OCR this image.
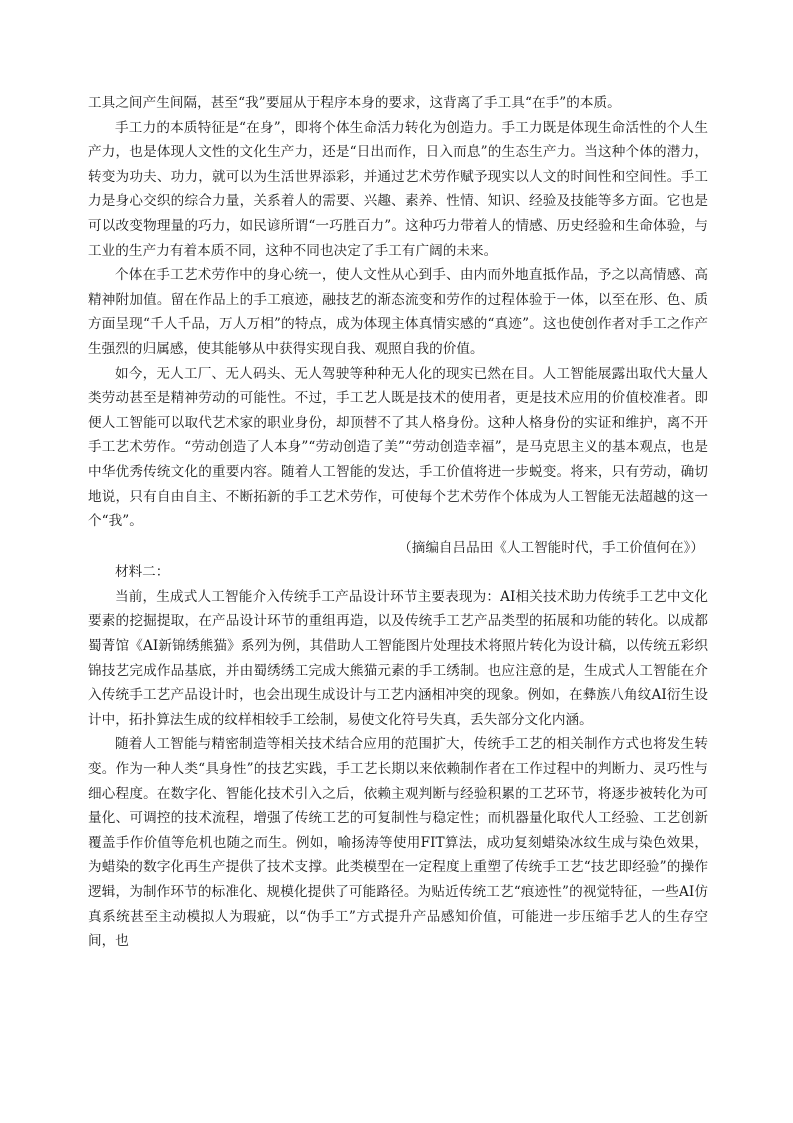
工具之间产生间隔，甚至“我”要屈从于程序本身的要求，这背离了手工具“在手”的本质。

手工力的本质特征是“在身”，即将个体生命活力转化为创造力。手工力既是体现生命活性的个人生产力，也是体现人文性的文化生产力，还是“日出而作，日入而息”的生态生产力。当这种个体的潜力，转变为功夫、功力，就可以为生活世界添彩，并通过艺术劳作赋予现实以人文的时间性和空间性。手工力是身心交织的综合力量，关系着人的需要、兴趣、素养、性情、知识、经验及技能等多方面。它也是可以改变物理量的巧力，如民谚所谓“一巧胜百力”。这种巧力带着人的情感、历史经验和生命体验，与工业的生产力有着本质不同，这种不同也决定了手工有广阔的未来。

个体在手工艺术劳作中的身心统一，使人文性从心到手、由内而外地直抵作品，予之以高情感、高精神附加值。留在作品上的手工痕迹，融技艺的渐态流变和劳作的过程体验于一体，以至在形、色、质方面呈现“千人千品，万人万相”的特点，成为体现主体真情实感的“真迹”。这也使创作者对手工之作产生强烈的归属感，使其能够从中获得实现自我、观照自我的价值。

如今，无人工厂、无人码头、无人驾驶等种种无人化的现实已然在目。人工智能展露出取代大量人类劳动甚至是精神劳动的可能性。不过，手工艺人既是技术的使用者，更是技术应用的价值校准者。即便人工智能可以取代艺术家的职业身份，却顶替不了其人格身份。这种人格身份的实证和维护，离不开手工艺术劳作。“劳动创造了人本身”“劳动创造了美”“劳动创造幸福”，是马克思主义的基本观点，也是中华优秀传统文化的重要内容。随着人工智能的发达，手工价值将进一步蜕变。将来，只有劳动，确切地说，只有自由自主、不断拓新的手工艺术劳作，可使每个艺术劳作个体成为人工智能无法超越的这一个“我”。

（摘编自吕品田《人工智能时代，手工价值何在》）

材料二：

当前，生成式人工智能介入传统手工产品设计环节主要表现为：AI相关技术助力传统手工艺中文化要素的挖掘提取，在产品设计环节的重组再造，以及传统手工艺产品类型的拓展和功能的转化。以成都蜀菁馆《AI新锦绣熊猫》系列为例，其借助人工智能图片处理技术将照片转化为设计稿，以传统五彩织锦技艺完成作品基底，并由蜀绣绣工完成大熊猫元素的手工绣制。也应注意的是，生成式人工智能在介入传统手工艺产品设计时，也会出现生成设计与工艺内涵相冲突的现象。例如，在彝族八角纹AI衍生设计中，拓扑算法生成的纹样相较手工绘制，易使文化符号失真，丢失部分文化内涵。

随着人工智能与精密制造等相关技术结合应用的范围扩大，传统手工艺的相关制作方式也将发生转变。作为一种人类“具身性”的技艺实践，手工艺长期以来依赖制作者在工作过程中的判断力、灵巧性与细心程度。在数字化、智能化技术引入之后，依赖主观判断与经验积累的工艺环节，将逐步被转化为可量化、可调控的技术流程，增强了传统工艺的可复制性与稳定性；而机器量化取代人工经验、工艺创新覆盖手作价值等危机也随之而生。例如，喻扬涛等使用FIT算法，成功复刻蜡染冰纹生成与染色效果，为蜡染的数字化再生产提供了技术支撑。此类模型在一定程度上重塑了传统手工艺“技艺即经验”的操作逻辑，为制作环节的标准化、规模化提供了可能路径。为贴近传统工艺“痕迹性”的视觉特征，一些AI仿真系统甚至主动模拟人为瑕疵，以“伪手工”方式提升产品感知价值，可能进一步压缩手艺人的生存空间，也
